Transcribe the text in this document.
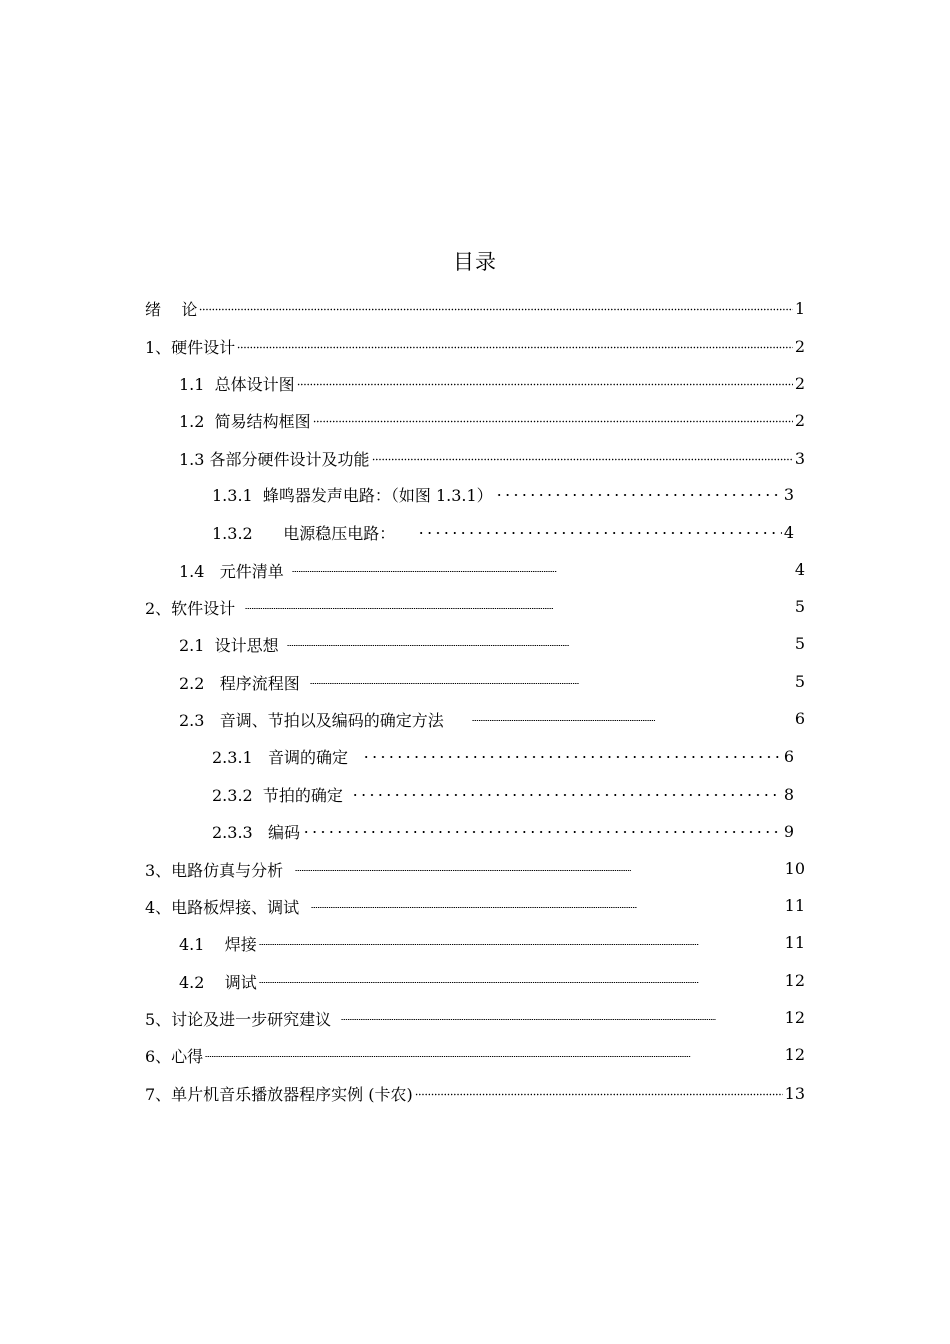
目录
绪    论	1
1、硬件设计	2
1.1  总体设计图	2
1.2  简易结构框图	2
1.3 各部分硬件设计及功能	3
1.3.1  蜂鸣器发声电路：（如图 1.3.1）	3
1.3.2      电源稳压电路：	4
1.4   元件清单	4
2、软件设计	5
2.1  设计思想	5
2.2   程序流程图	5
2.3   音调、节拍以及编码的确定方法	6
2.3.1   音调的确定	6
2.3.2  节拍的确定	8
2.3.3   编码	9
3、电路仿真与分析	10
4、电路板焊接、调试	11
4.1    焊接	11
4.2    调试	12
5、讨论及进一步研究建议	12
6、心得	12
7、单片机音乐播放器程序实例 (卡农)	13
